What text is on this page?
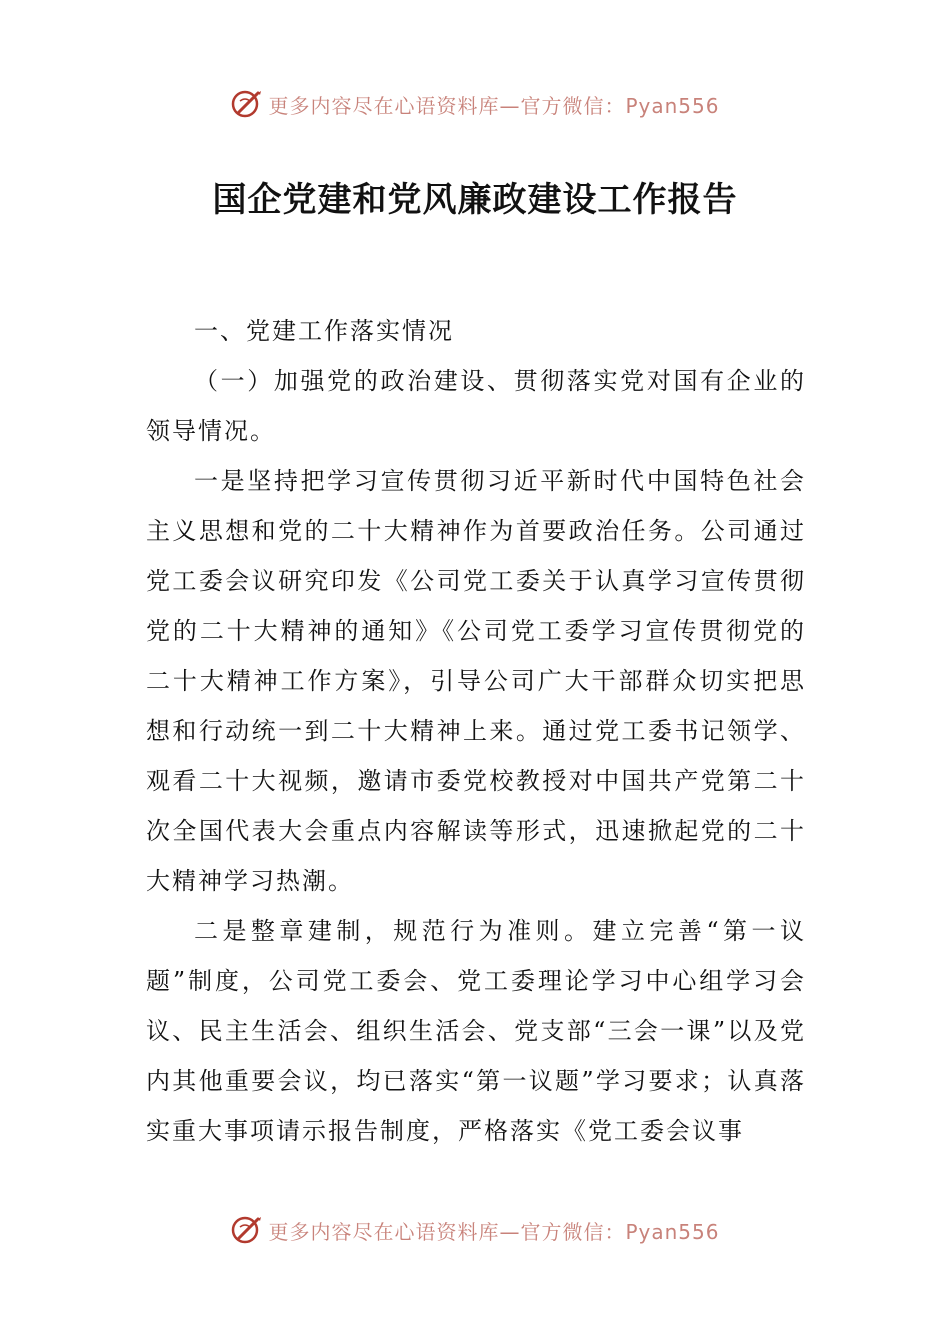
更多内容尽在心语资料库—官方微信：Pyan556
国企党建和党风廉政建设工作报告

一、党建工作落实情况

（一）加强党的政治建设、贯彻落实党对国有企业的领导情况。

一是坚持把学习宣传贯彻习近平新时代中国特色社会主义思想和党的二十大精神作为首要政治任务。公司通过党工委会议研究印发《公司党工委关于认真学习宣传贯彻党的二十大精神的通知》《公司党工委学习宣传贯彻党的二十大精神工作方案》，引导公司广大干部群众切实把思想和行动统一到二十大精神上来。通过党工委书记领学、观看二十大视频，邀请市委党校教授对中国共产党第二十次全国代表大会重点内容解读等形式，迅速掀起党的二十大精神学习热潮。

二是整章建制，规范行为准则。建立完善“第一议题”制度，公司党工委会、党工委理论学习中心组学习会议、民主生活会、组织生活会、党支部“三会一课”以及党内其他重要会议，均已落实“第一议题”学习要求；认真落实重大事项请示报告制度，严格落实《党工委会议事

更多内容尽在心语资料库—官方微信：Pyan556
